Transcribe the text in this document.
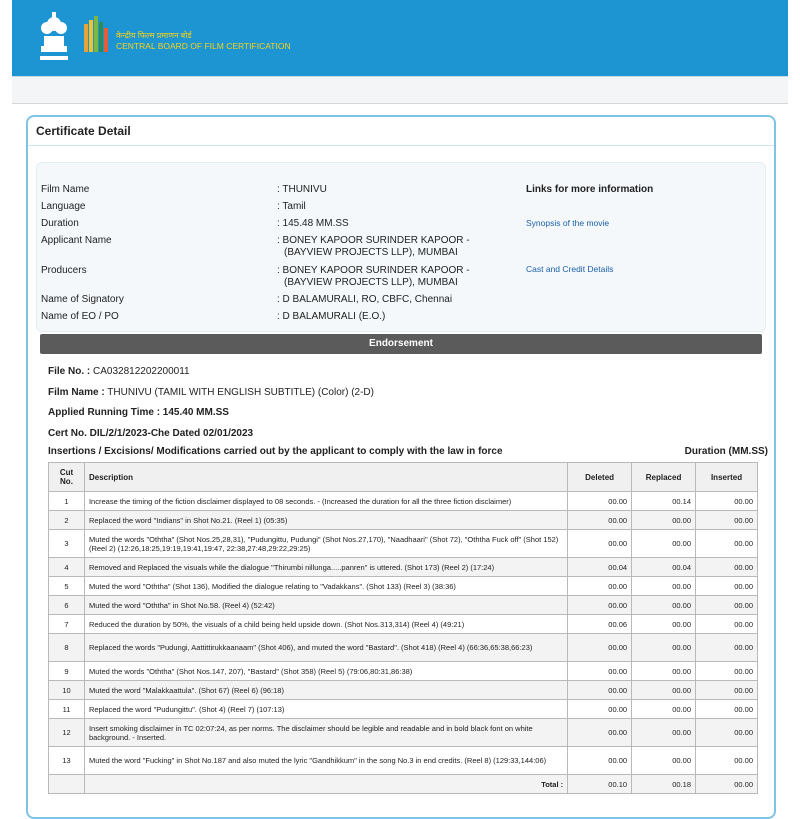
केन्द्रीय फिल्म प्रमाणन बोर्ड
CENTRAL BOARD OF FILM CERTIFICATION
Certificate Detail
Film Name	: THUNIVU
Language	: Tamil
Duration	: 145.48 MM.SS
Applicant Name	: BONEY KAPOOR SURINDER KAPOOR -
(BAYVIEW PROJECTS LLP), MUMBAI
Producers	: BONEY KAPOOR SURINDER KAPOOR -
(BAYVIEW PROJECTS LLP), MUMBAI
Name of Signatory	: D BALAMURALI, RO, CBFC, Chennai
Name of EO / PO	: D BALAMURALI (E.O.)
Links for more information
Synopsis of the movie
Cast and Credit Details
Endorsement
File No. : CA032812202200011
Film Name : THUNIVU (TAMIL WITH ENGLISH SUBTITLE) (Color) (2-D)
Applied Running Time : 145.40 MM.SS
Cert No. DIL/2/1/2023-Che Dated 02/01/2023
Insertions / Excisions/ Modifications carried out by the applicant to comply with the law in force	Duration (MM.SS)
Cut No.	Description	Deleted	Replaced	Inserted
1	Increase the timing of the fiction disclaimer displayed to 08 seconds. - (Increased the duration for all the three fiction disclaimer)	00.00	00.14	00.00
2	Replaced the word "Indians" in Shot No.21. (Reel 1) (05:35)	00.00	00.00	00.00
3	Muted the words "Oththa" (Shot Nos.25,28,31), "Pudungittu, Pudungi" (Shot Nos.27,170), "Naadhaari" (Shot 72), "Oththa Fuck off" (Shot 152) (Reel 2) (12:26,18:25,19:19,19:41,19:47, 22:38,27:48,29:22,29:25)	00.00	00.00	00.00
4	Removed and Replaced the visuals while the dialogue "Thirumbi nillunga.....panren" is uttered. (Shot 173) (Reel 2) (17:24)	00.04	00.04	00.00
5	Muted the word "Oththa" (Shot 136), Modified the dialogue relating to "Vadakkans". (Shot 133) (Reel 3) (38:36)	00.00	00.00	00.00
6	Muted the word "Oththa" in Shot No.58. (Reel 4) (52:42)	00.00	00.00	00.00
7	Reduced the duration by 50%, the visuals of a child being held upside down. (Shot Nos.313,314) (Reel 4) (49:21)	00.06	00.00	00.00
8	Replaced the words "Pudungi, Aattittirukkaanaam" (Shot 406), and muted the word "Bastard". (Shot 418) (Reel 4) (66:36,65:38,66:23)	00.00	00.00	00.00
9	Muted the words "Oththa" (Shot Nos.147, 207), "Bastard" (Shot 358) (Reel 5) (79:06,80:31,86:38)	00.00	00.00	00.00
10	Muted the word "Malakkaattula". (Shot 67) (Reel 6) (96:18)	00.00	00.00	00.00
11	Replaced the word "Pudungittu". (Shot 4) (Reel 7) (107:13)	00.00	00.00	00.00
12	Insert smoking disclaimer in TC 02:07:24, as per norms. The disclaimer should be legible and readable and in bold black font on white background. - Inserted.	00.00	00.00	00.00
13	Muted the word "Fucking" in Shot No.187 and also muted the lyric "Gandhikkum" in the song No.3 in end credits. (Reel 8) (129:33,144:06)	00.00	00.00	00.00
	Total :	00.10	00.18	00.00
